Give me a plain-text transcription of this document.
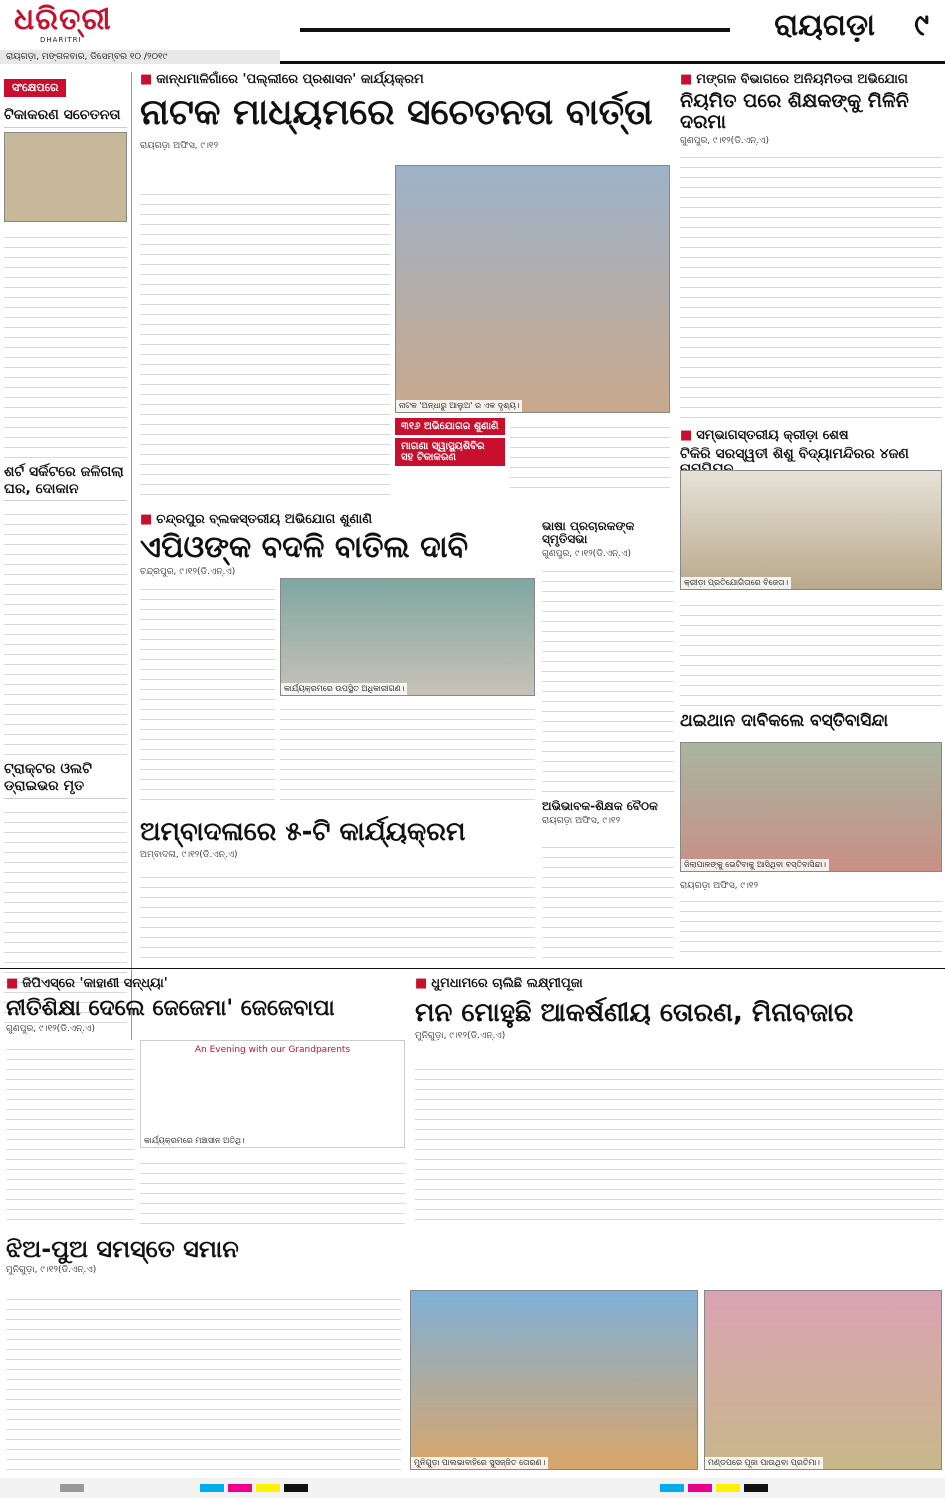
ଧରିତ୍ରୀ
DHARITRI
ରାୟଗଡ଼ା, ମଙ୍ଗଳବାର, ଡିସେମ୍ବର ୧୦ /୨୦୧୯
ରାୟଗଡ଼ା ୯
ସଂକ୍ଷେପରେ
ଟିକାକରଣ ସଚେତନତା
ଶର୍ଟ ସର୍କିଟରେ ଜଳିଗଲା ଘର, ଦୋକାନ
ଟ୍ରାକ୍ଟର ଓଲଟି ଡ୍ରାଇଭର ମୃତ
■ କାନ୍ଧମାଳିଗାଁରେ 'ପଲ୍ଲୀରେ ପ୍ରଶାସନ' କାର୍ଯ୍ୟକ୍ରମ
ନାଟକ ମାଧ୍ୟମରେ ସଚେତନତା ବାର୍ତ୍ତା
ରାୟଗଡ଼ା ଅଫିସ, ୯।୧୨
ନାଟକ 'ଅନ୍ଧାରୁ ଆଲୁଅ' ର ଏକ ଦୃଶ୍ୟ।
୩୧୬ ଅଭିଯୋଗର ଶୁଣାଣି
ମାଗଣା ସ୍ୱାସ୍ଥ୍ୟଶିବିର ସହ ଟିକାକରଣ
■ ମଙ୍ଗଳ ବିଭାଗରେ ଅନିୟମିତତା ଅଭିଯୋଗ
ନିୟମିତ ପରେ ଶିକ୍ଷକଙ୍କୁ ମିଳିନି ଦରମା
ଗୁଣପୁର, ୯।୧୨(ଡି.ଏନ୍‌.ଏ)
■ ସମ୍ଭାଗସ୍ତରୀୟ କ୍ରୀଡ଼ା ଶେଷ
ଟିକିରି ସରସ୍ୱତୀ ଶିଶୁ ବିଦ୍ୟାମନ୍ଦିରର ୪ଜଣ
କ୍ରୀଡ଼ା ପ୍ରତିଯୋଗିତାରେ ବିଜେତା।
■ ଚନ୍ଦ୍ରପୁର ବ୍ଲକସ୍ତରୀୟ ଅଭିଯୋଗ ଶୁଣାଣି
ଏପିଓଙ୍କ ବଦଳି ବାତିଲ ଦାବି
ଚନ୍ଦ୍ରପୁର, ୯।୧୨(ଡି.ଏନ୍‌.ଏ)
କାର୍ଯ୍ୟକ୍ରମରେ ଉପସ୍ଥିତ ଅଧିକାରୀଗଣ।
ଭାଷା ପ୍ରଚାରକଙ୍କ ସ୍ମୃତିସଭା
ଗୁଣପୁର, ୯।୧୨(ଡି.ଏନ୍‌.ଏ)
ଅଭିଭାବକ-ଶିକ୍ଷକ ବୈଠକ
ରାୟଗଡ଼ା ଅଫିସ, ୯।୧୨
ଥଇଥାନ ଦାବିକଲେ ବସ୍ତିବାସିନ୍ଦା
ଜିଲାପାଳଙ୍କୁ ଭେଟିବାକୁ ଆସିଥିବା ବସ୍ତିବାସିନ୍ଦା।
ରାୟଗଡ଼ା ଅଫିସ, ୯।୧୨
ଅମ୍ବାଦଳାରେ ୫-ଟି କାର୍ଯ୍ୟକ୍ରମ
ଅମ୍ବାଦଳା, ୯।୧୨(ଡି.ଏନ୍‌.ଏ)
■ ଜିପିଏସ୍‌ରେ 'କାହାଣୀ ସନ୍ଧ୍ୟା'
ନୀତିଶିକ୍ଷା ଦେଲେ ଜେଜେମା' ଜେଜେବାପା
ଗୁଣପୁର, ୯।୧୨(ଡି.ଏନ୍‌.ଏ)
An Evening with our Grandparents
କାର୍ଯ୍ୟକ୍ରମରେ ମଞ୍ଚାସୀନ ଅତିଥି।
■ ଧୁମଧାମରେ ଚାଲିଛି ଲକ୍ଷ୍ମୀପୂଜା
ମନ ମୋହୁଛି ଆକର୍ଷଣୀୟ ତୋରଣ, ମିନାବଜାର
ମୁନିଗୁଡ଼ା, ୯।୧୨(ଡି.ଏନ୍‌.ଏ)
ଝିଅ-ପୁଅ ସମସ୍ତେ ସମାନ
ମୁନିଗୁଡ଼ା, ୯।୧୨(ଡି.ଏନ୍‌.ଏ)
ମୁନିଗୁଡ଼ା ପାଲଭାବାହିରେ ସୁସଜ୍ଜିତ ତୋରଣ।	ମଣ୍ଡପରେ ପୂଜା ପାଉଥିବା ପ୍ରତିମା।
